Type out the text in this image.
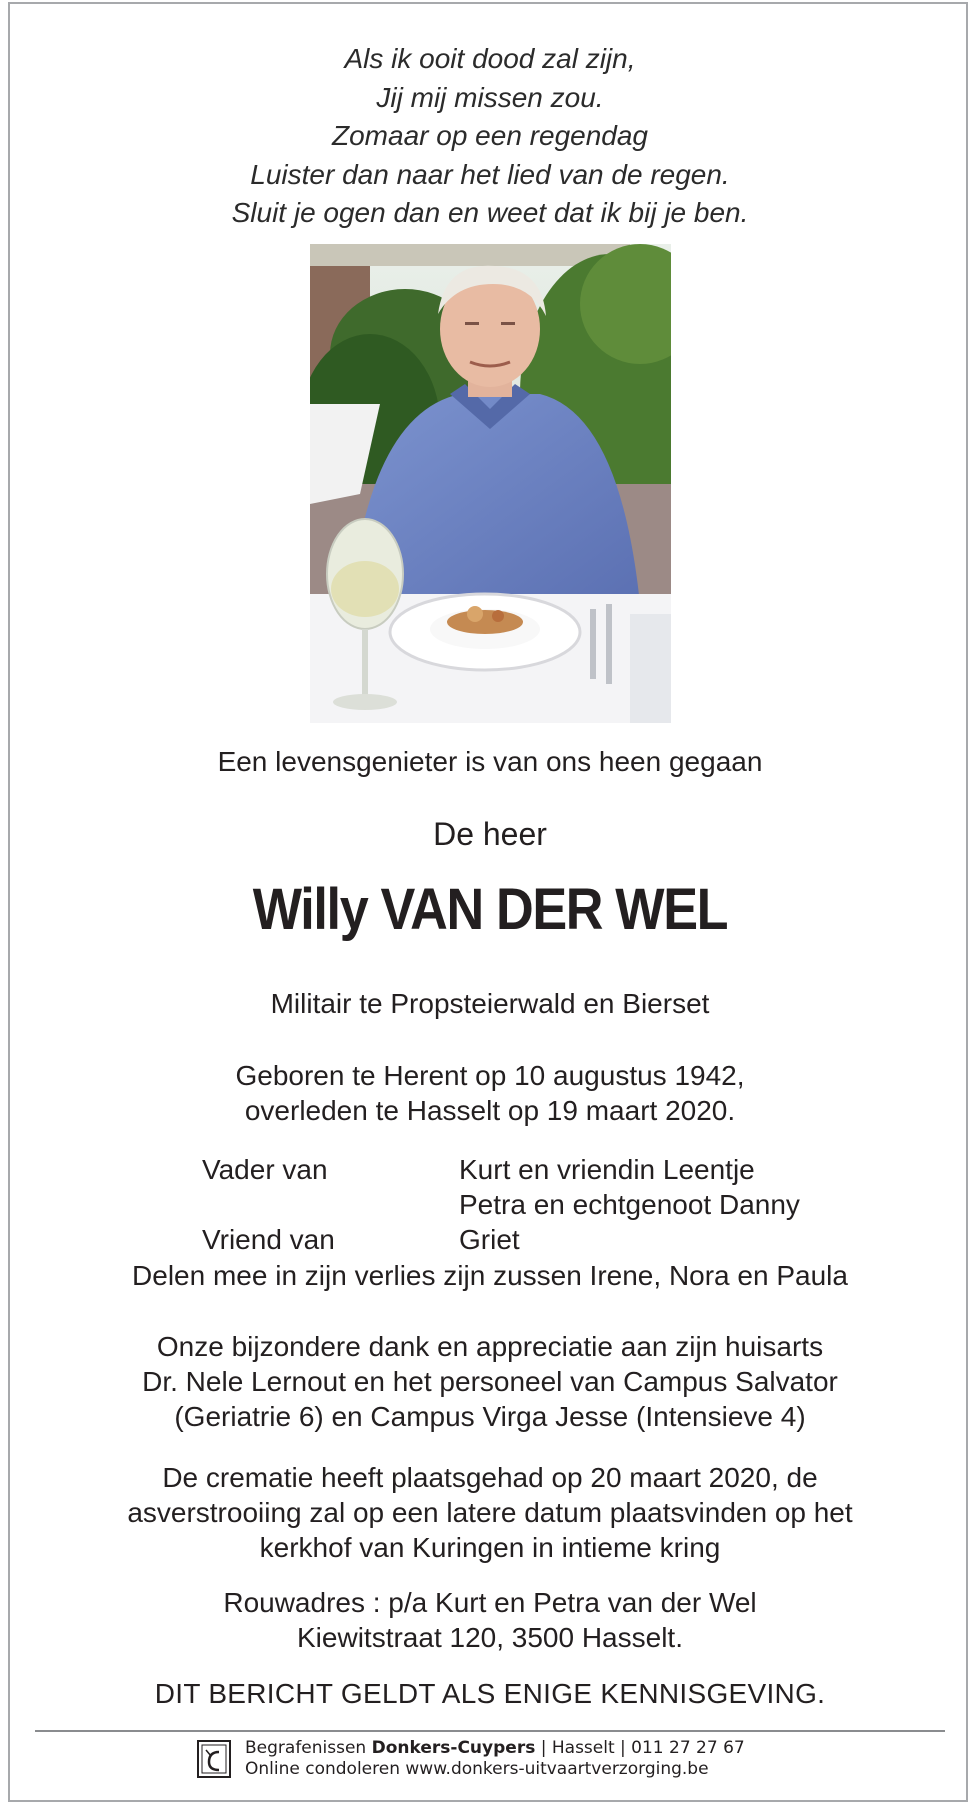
Als ik ooit dood zal zijn,
Jij mij missen zou.
Zomaar op een regendag
Luister dan naar het lied van de regen.
Sluit je ogen dan en weet dat ik bij je ben.
Een levensgenieter is van ons heen gegaan
De heer
Willy VAN DER WEL
Militair te Propsteierwald en Bierset
Geboren te Herent op 10 augustus 1942,
overleden te Hasselt op 19 maart 2020.
Vader van	Kurt en vriendin Leentje
Petra en echtgenoot Danny
Vriend van	Griet
Delen mee in zijn verlies zijn zussen Irene, Nora en Paula
Onze bijzondere dank en appreciatie aan zijn huisarts
Dr. Nele Lernout en het personeel van Campus Salvator
(Geriatrie 6) en Campus Virga Jesse (Intensieve 4)
De crematie heeft plaatsgehad op 20 maart 2020, de
asverstrooiing zal op een latere datum plaatsvinden op het
kerkhof van Kuringen in intieme kring
Rouwadres : p/a Kurt en Petra van der Wel
Kiewitstraat 120, 3500 Hasselt.
DIT BERICHT GELDT ALS ENIGE KENNISGEVING.
Begrafenissen Donkers-Cuypers | Hasselt | 011 27 27 67
Online condoleren www.donkers-uitvaartverzorging.be
